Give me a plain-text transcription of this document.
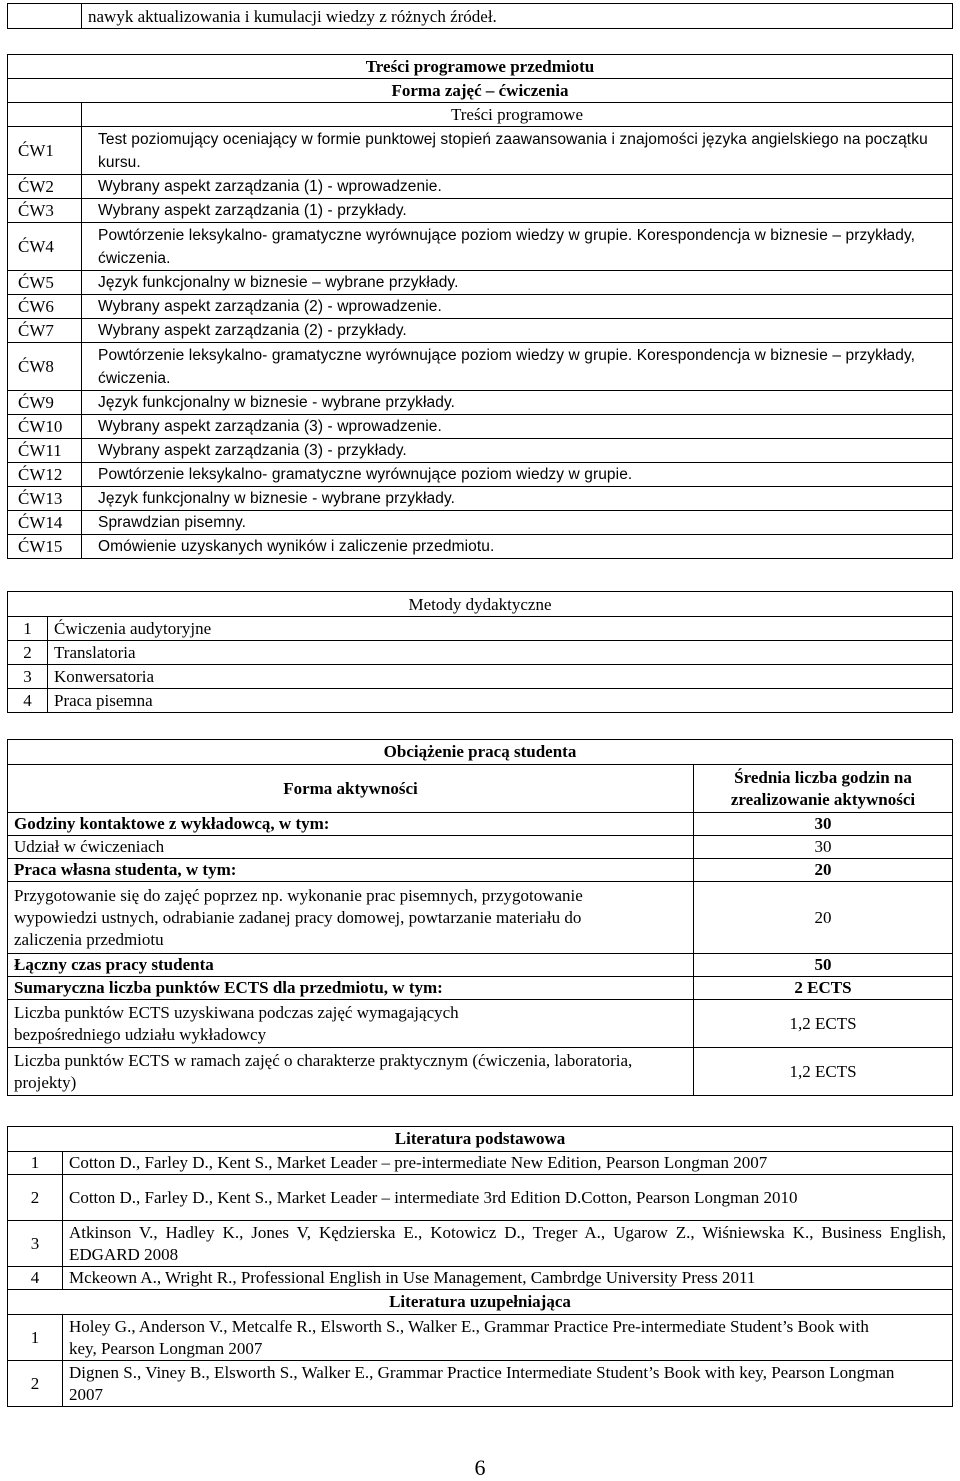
	nawyk aktualizowania i kumulacji wiedzy z różnych źródeł.
Treści programowe przedmiotu	
Forma zajęć – ćwiczenia	
	Treści programowe
ĆW1	Test poziomujący oceniający w formie punktowej stopień zaawansowania i znajomości języka angielskiego na początku kursu.
ĆW2	Wybrany aspekt zarządzania (1) - wprowadzenie.
ĆW3	Wybrany aspekt zarządzania (1) - przykłady.
ĆW4	Powtórzenie leksykalno- gramatyczne wyrównujące poziom wiedzy w grupie. Korespondencja w biznesie – przykłady, ćwiczenia.
ĆW5	Język funkcjonalny w biznesie – wybrane przykłady.
ĆW6	Wybrany aspekt zarządzania (2) - wprowadzenie.
ĆW7	Wybrany aspekt zarządzania (2) - przykłady.
ĆW8	Powtórzenie leksykalno- gramatyczne wyrównujące poziom wiedzy w grupie. Korespondencja w biznesie – przykłady, ćwiczenia.
ĆW9	Język funkcjonalny w biznesie - wybrane przykłady.
ĆW10	Wybrany aspekt zarządzania (3) - wprowadzenie.
ĆW11	Wybrany aspekt zarządzania (3) - przykłady.
ĆW12	Powtórzenie leksykalno- gramatyczne wyrównujące poziom wiedzy w grupie.
ĆW13	Język funkcjonalny w biznesie - wybrane przykłady.
ĆW14	Sprawdzian pisemny.
ĆW15	Omówienie uzyskanych wyników i zaliczenie przedmiotu.
Metody dydaktyczne	
1	Ćwiczenia audytoryjne
2	Translatoria
3	Konwersatoria
4	Praca pisemna
Obciążenie pracą studenta	
Forma aktywności	Średnia liczba godzin na zrealizowanie aktywności
Godziny kontaktowe z wykładowcą, w tym:	30
Udział w ćwiczeniach	30
Praca własna studenta, w tym:	20
Przygotowanie się do zajęć poprzez np. wykonanie prac pisemnych, przygotowanie wypowiedzi ustnych, odrabianie zadanej pracy domowej, powtarzanie materiału do zaliczenia przedmiotu	20
Łączny czas pracy studenta	50
Sumaryczna liczba punktów ECTS dla przedmiotu, w tym:	2 ECTS
Liczba punktów ECTS uzyskiwana podczas zajęć wymagających bezpośredniego udziału wykładowcy	1,2 ECTS
Liczba punktów ECTS w ramach zajęć o charakterze praktycznym (ćwiczenia, laboratoria, projekty)	1,2 ECTS
Literatura podstawowa	
1	Cotton D., Farley D., Kent S., Market Leader – pre-intermediate New Edition, Pearson Longman 2007
2	Cotton D., Farley D., Kent S., Market Leader – intermediate 3rd Edition D.Cotton, Pearson Longman 2010
3	Atkinson V., Hadley K., Jones V, Kędzierska E., Kotowicz D., Treger A., Ugarow Z., Wiśniewska K., Business English, EDGARD 2008
4	Mckeown A., Wright R., Professional English in Use Management, Cambrdge University Press 2011
Literatura uzupełniająca	
1	Holey G., Anderson V., Metcalfe R., Elsworth S., Walker E., Grammar Practice Pre-intermediate Student’s Book with key, Pearson Longman 2007
2	Dignen S., Viney B., Elsworth S., Walker E., Grammar Practice Intermediate Student’s Book with key, Pearson Longman 2007
6
